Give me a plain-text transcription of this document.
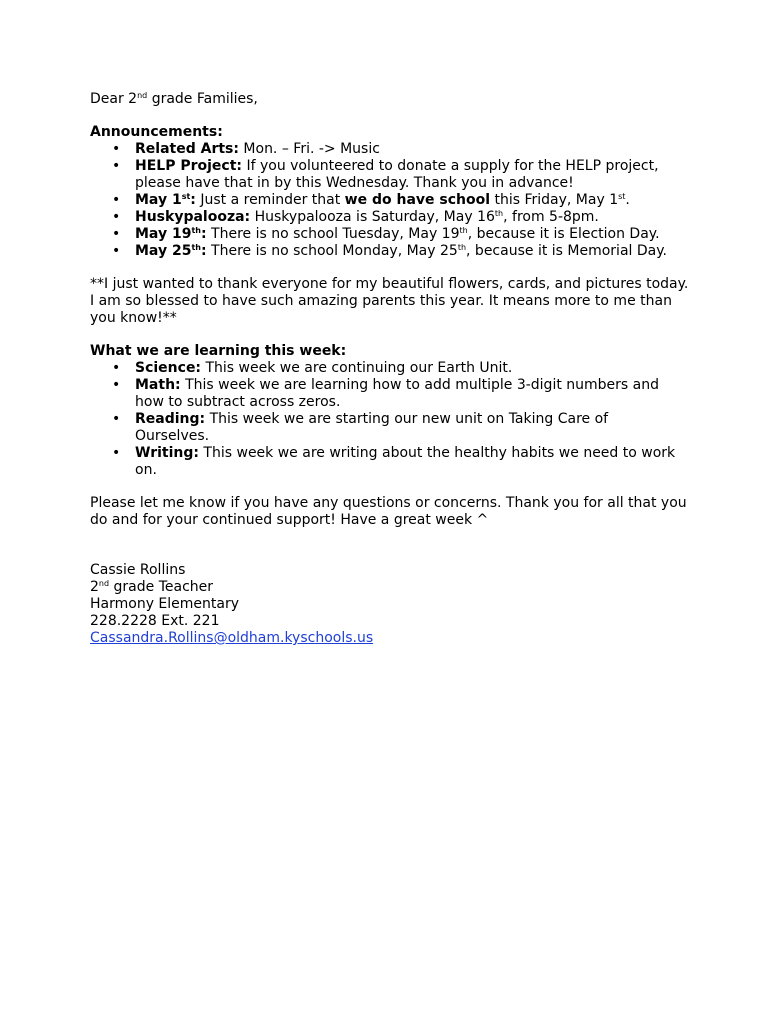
Dear 2nd grade Families,

Announcements:

• Related Arts: Mon. – Fri. -> Music
• HELP Project: If you volunteered to donate a supply for the HELP project, please have that in by this Wednesday. Thank you in advance!
• May 1st: Just a reminder that we do have school this Friday, May 1st.
• Huskypalooza: Huskypalooza is Saturday, May 16th, from 5-8pm.
• May 19th: There is no school Tuesday, May 19th, because it is Election Day.
• May 25th: There is no school Monday, May 25th, because it is Memorial Day.

**I just wanted to thank everyone for my beautiful flowers, cards, and pictures today. I am so blessed to have such amazing parents this year. It means more to me than you know!**

What we are learning this week:

• Science: This week we are continuing our Earth Unit.
• Math: This week we are learning how to add multiple 3-digit numbers and how to subtract across zeros.
• Reading: This week we are starting our new unit on Taking Care of Ourselves.
• Writing: This week we are writing about the healthy habits we need to work on.

Please let me know if you have any questions or concerns. Thank you for all that you do and for your continued support! Have a great week ^

Cassie Rollins

2nd grade Teacher

Harmony Elementary

228.2228 Ext. 221

Cassandra.Rollins@oldham.kyschools.us
